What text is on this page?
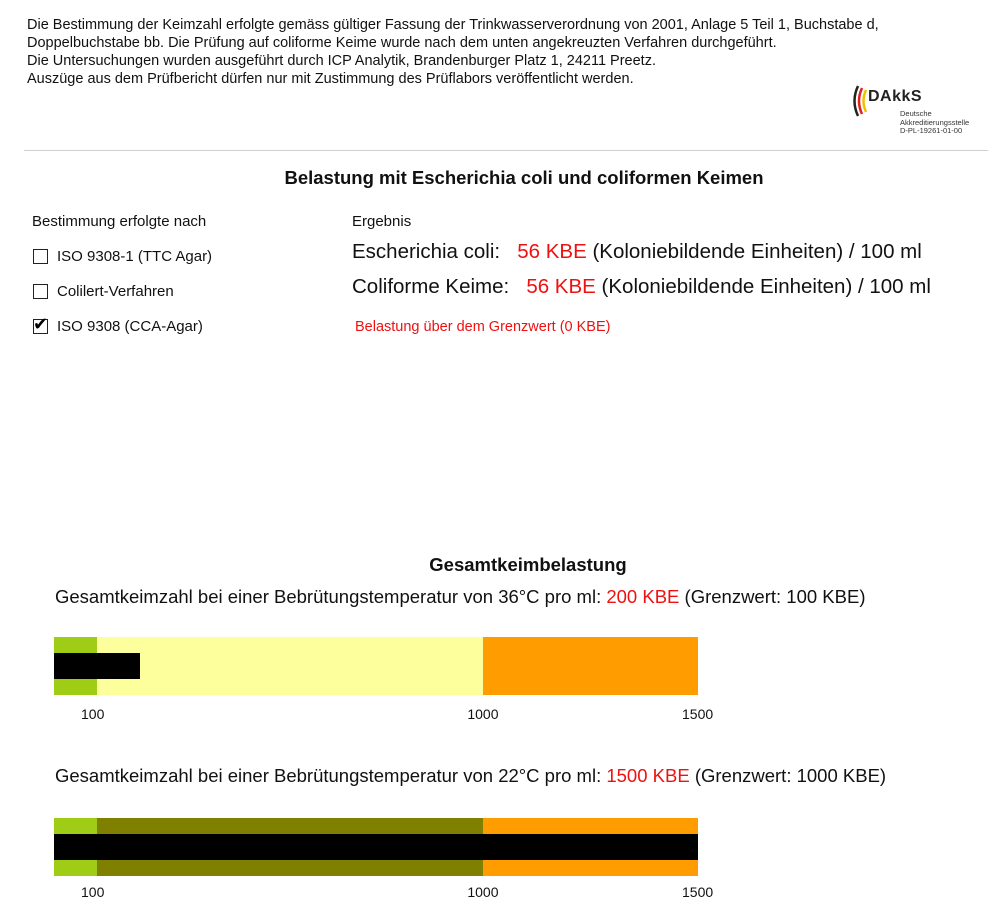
Die Bestimmung der Keimzahl erfolgte gemäss gültiger Fassung der Trinkwasserverordnung von 2001, Anlage 5 Teil 1, Buchstabe d,
Doppelbuchstabe bb. Die Prüfung auf coliforme Keime wurde nach dem unten angekreuzten Verfahren durchgeführt.
Die Untersuchungen wurden ausgeführt durch ICP Analytik, Brandenburger Platz 1, 24211 Preetz.
Auszüge aus dem Prüfbericht dürfen nur mit Zustimmung des Prüflabors veröffentlicht werden.
DAkkS
Deutsche
Akkreditierungsstelle
D-PL-19261-01-00
Belastung mit Escherichia coli und coliformen Keimen
Bestimmung erfolgte nach
ISO 9308-1 (TTC Agar)
Colilert-Verfahren
✔ ISO 9308 (CCA-Agar)
Ergebnis
Escherichia coli: 56 KBE (Koloniebildende Einheiten) / 100 ml
Coliforme Keime: 56 KBE (Koloniebildende Einheiten) / 100 ml
Belastung über dem Grenzwert (0 KBE)
Gesamtkeimbelastung
Gesamtkeimzahl bei einer Bebrütungstemperatur von 36°C pro ml: 200 KBE (Grenzwert: 100 KBE)
100	1000	1500
Gesamtkeimzahl bei einer Bebrütungstemperatur von 22°C pro ml: 1500 KBE (Grenzwert: 1000 KBE)
100	1000	1500
